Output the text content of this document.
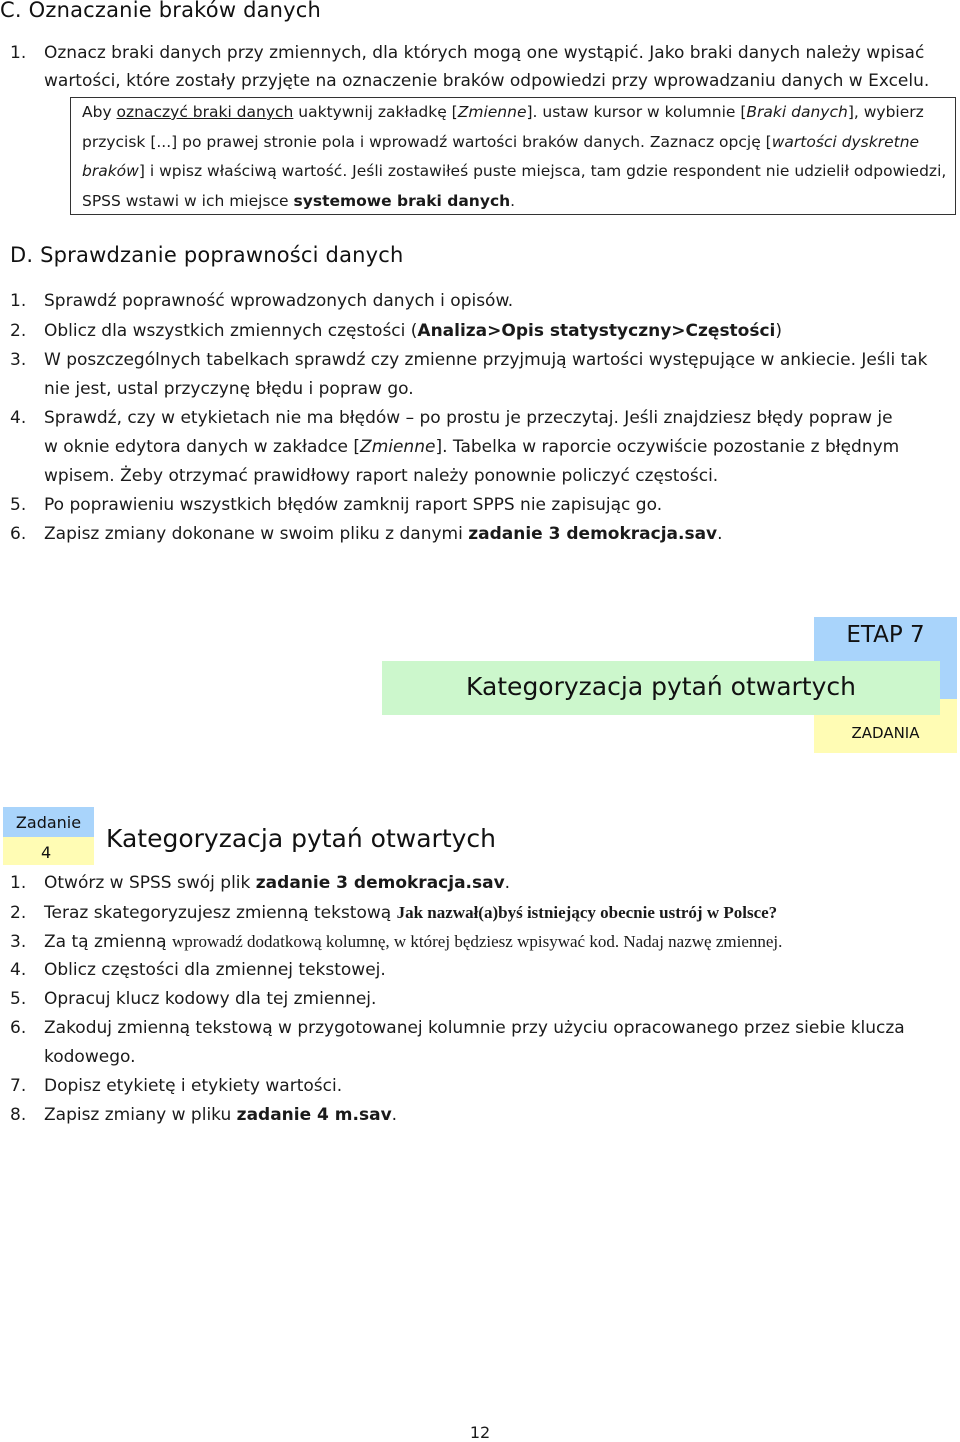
C. Oznaczanie braków danych
1. Oznacz braki danych przy zmiennych, dla których mogą one wystąpić. Jako braki danych należy wpisać
wartości, które zostały przyjęte na oznaczenie braków odpowiedzi przy wprowadzaniu danych w Excelu.
Aby oznaczyć braki danych uaktywnij zakładkę [Zmienne]. ustaw kursor w kolumnie [Braki danych], wybierz
przycisk [...] po prawej stronie pola i wprowadź wartości braków danych. Zaznacz opcję [wartości dyskretne
braków] i wpisz właściwą wartość. Jeśli zostawiłeś puste miejsca, tam gdzie respondent nie udzielił odpowiedzi,
SPSS wstawi w ich miejsce systemowe braki danych.
D. Sprawdzanie poprawności danych
1. Sprawdź poprawność wprowadzonych danych i opisów.
2. Oblicz dla wszystkich zmiennych częstości (Analiza>Opis statystyczny>Częstości)
3. W poszczególnych tabelkach sprawdź czy zmienne przyjmują wartości występujące w ankiecie. Jeśli tak
nie jest, ustal przyczynę błędu i popraw go.
4. Sprawdź, czy w etykietach nie ma błędów – po prostu je przeczytaj. Jeśli znajdziesz błędy popraw je
w oknie edytora danych w zakładce [Zmienne]. Tabelka w raporcie oczywiście pozostanie z błędnym
wpisem. Żeby otrzymać prawidłowy raport należy ponownie policzyć częstości.
5. Po poprawieniu wszystkich błędów zamknij raport SPPS nie zapisując go.
6. Zapisz zmiany dokonane w swoim pliku z danymi zadanie 3 demokracja.sav.
ETAP 7
ZADANIA
Kategoryzacja pytań otwartych
Zadanie
4 Kategoryzacja pytań otwartych
1. Otwórz w SPSS swój plik zadanie 3 demokracja.sav.
2. Teraz skategoryzujesz zmienną tekstową Jak nazwał(a)byś istniejący obecnie ustrój w Polsce?
3. Za tą zmienną wprowadź dodatkową kolumnę, w której będziesz wpisywać kod. Nadaj nazwę zmiennej.
4. Oblicz częstości dla zmiennej tekstowej.
5. Opracuj klucz kodowy dla tej zmiennej.
6. Zakoduj zmienną tekstową w przygotowanej kolumnie przy użyciu opracowanego przez siebie klucza
kodowego.
7. Dopisz etykietę i etykiety wartości.
8. Zapisz zmiany w pliku zadanie 4 m.sav.
12
